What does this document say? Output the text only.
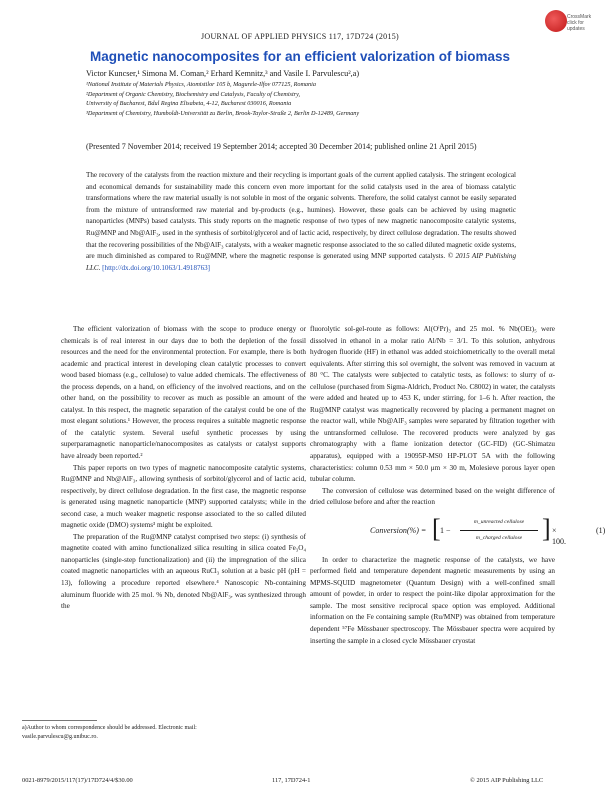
CrossMark
click for updates
JOURNAL OF APPLIED PHYSICS 117, 17D724 (2015)
Magnetic nanocomposites for an efficient valorization of biomass
Victor Kuncser,¹ Simona M. Coman,² Erhard Kemnitz,³ and Vasile I. Parvulescu²,a)
¹National Institute of Materials Physics, Atomistilor 105 b, Magurele-Ilfov 077125, Romania
²Department of Organic Chemistry, Biochemistry and Catalysis, Faculty of Chemistry,
University of Bucharest, Bdul Regina Elisabeta, 4-12, Bucharest 030016, Romania
³Department of Chemistry, Humboldt-Universität zu Berlin, Brook-Taylor-Straße 2, Berlin D-12489, Germany
(Presented 7 November 2014; received 19 September 2014; accepted 30 December 2014; published online 21 April 2015)
The recovery of the catalysts from the reaction mixture and their recycling is important goals of the current applied catalysis. The stringent ecological and economical demands for sustainability made this concern even more important for the solid catalysts used in the area of biomass catalytic transformations where the raw material usually is not soluble in most of the organic solvents. Therefore, the solid catalyst cannot be easily separated from the mixture of untransformed raw material and by-products (e.g., humines). However, these goals can be achieved by using magnetic nanoparticles (MNPs) based catalysts. This study reports on the magnetic response of two types of new magnetic nanocomposite catalytic systems, Ru@MNP and Nb@AlF₃, used in the synthesis of sorbitol/glycerol and of lactic acid, respectively, by direct cellulose degradation. The results showed that the recovering possibilities of the Nb@AlF₃ catalysts, with a weaker magnetic response associated to the so called diluted magnetic oxide systems, are much diminished as compared to Ru@MNP, where the magnetic response is generated using MNP supported catalysts. © 2015 AIP Publishing LLC. [http://dx.doi.org/10.1063/1.4918763]

The efficient valorization of biomass with the scope to produce energy or chemicals is of real interest in our days due to both the depletion of the fossil resources and the need for the environmental protection. For example, there is both academic and practical interest in developing clean catalytic processes to convert wood based biomass (e.g., cellulose) to value added chemicals. The effectiveness of the process depends, on a hand, on efficiency of the involved reactions, and on the other hand, on the possibility to recover as much as possible an amount of the catalyst. In this respect, the magnetic separation of the catalyst could be one of the most elegant solutions.¹ However, the process requires a suitable magnetic response of the catalytic system. Several useful synthetic processes by using superparamagnetic nanoparticle/nanocomposites as catalysts or catalyst supports have already been reported.²

This paper reports on two types of magnetic nanocomposite catalytic systems, Ru@MNP and Nb@AlF₃, allowing synthesis of sorbitol/glycerol and of lactic acid, respectively, by direct cellulose degradation. In the first case, the magnetic response is generated using magnetic nanoparticle (MNP) supported catalysts; while in the second case, a much weaker magnetic response associated to the so called diluted magnetic oxide (DMO) systems³ might be exploited.

The preparation of the Ru@MNP catalyst comprised two steps: (i) synthesis of magnetite coated with amino functionalized silica resulting in silica coated Fe₃O₄ nanoparticles (single-step functionalization) and (ii) the impregnation of the silica coated magnetic nanoparticles with an aqueous RuCl₃ solution at a basic pH (pH = 13), following a procedure reported elsewhere.⁴ Nanoscopic Nb-containing aluminum fluoride with 25 mol. % Nb, denoted Nb@AlF₃, was synthesized through the

fluorolytic sol-gel-route as follows: Al(OⁱPr)₃ and 25 mol. % Nb(OEt)₅ were dissolved in ethanol in a molar ratio Al/Nb = 3/1. To this solution, anhydrous hydrogen fluoride (HF) in ethanol was added stoichiometrically to the overall metal equivalents. After stirring this sol overnight, the solvent was removed in vacuum at 80 °C. The catalysts were subjected to catalytic tests, as follows: to slurry of α-cellulose (purchased from Sigma-Aldrich, Product No. C8002) in water, the catalysts were added and heated up to 453 K, under stirring, for 1–6 h. After reaction, the Ru@MNP catalyst was magnetically recovered by placing a permanent magnet on the reactor wall, while Nb@AlF₃ samples were separated by filtration together with the untransformed cellulose. The recovered products were analyzed by gas chromatography with a flame ionization detector (GC-FID) (GC-Shimatzu apparatus), equipped with a 19095P-MS0 HP-PLOT 5A with the following characteristics: column 0.53 mm × 50.0 μm × 30 m, Molesieve porous layer open tubular column.

The conversion of cellulose was determined based on the weight difference of dried cellulose before and after the reaction

Conversion(%) = [ 1 −
m_unreacted cellulose
m_charged cellulose ] × 100.
(1)

In order to characterize the magnetic response of the catalysts, we have performed field and temperature dependent magnetic measurements by using an MPMS-SQUID magnetometer (Quantum Design) with a well-confined small amount of powder, in order to respect the point-like dipolar approximation for the sample. The most sensitive reciprocal space option was employed. Additional information on the Fe containing sample (Ru/MNP) was obtained from temperature dependent ⁵⁷Fe Mössbauer spectroscopy. The Mössbauer spectra were acquired by inserting the sample in a closed cycle Mössbauer cryostat

a)Author to whom correspondence should be addressed. Electronic mail: vasile.parvulescu@g.unibuc.ro.
0021-8979/2015/117(17)/17D724/4/$30.00	117, 17D724-1	© 2015 AIP Publishing LLC
